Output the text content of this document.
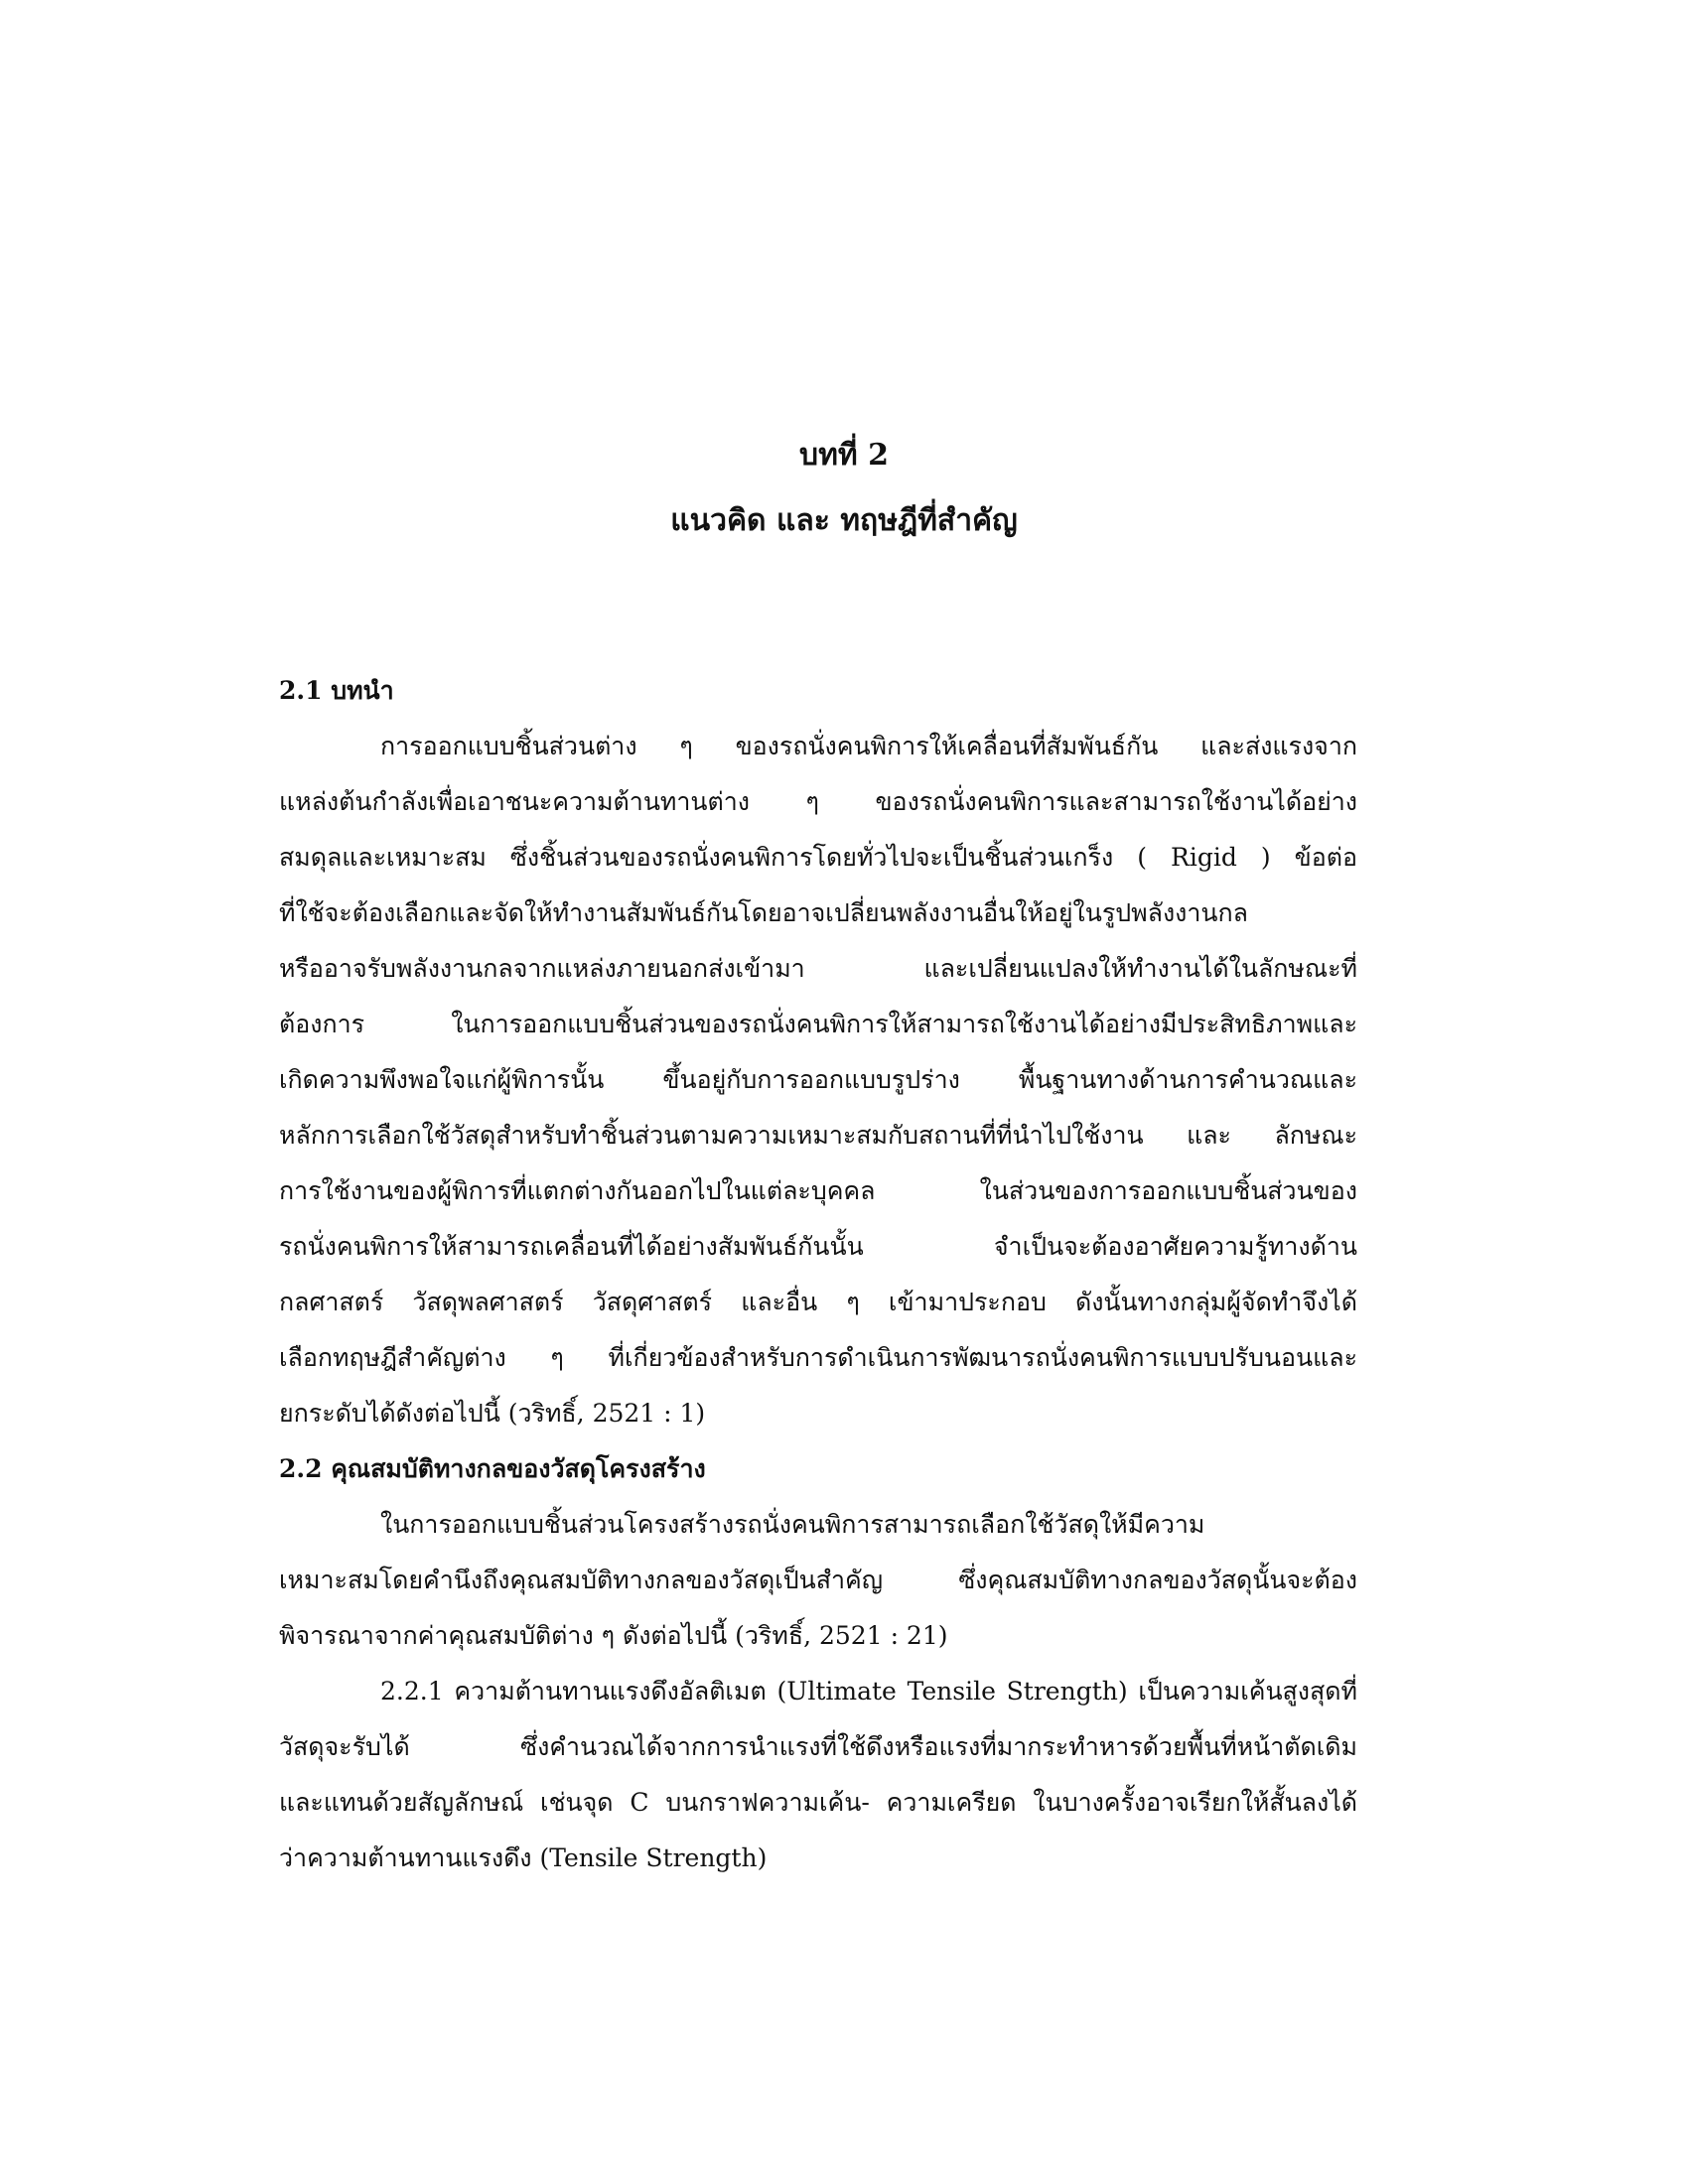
บทที่ 2
แนวคิด และ ทฤษฎีที่สำคัญ
2.1 บทนำ
การออกแบบชิ้นส่วนต่าง ๆ ของรถนั่งคนพิการให้เคลื่อนที่สัมพันธ์กัน และส่งแรงจาก
แหล่งต้นกำลังเพื่อเอาชนะความต้านทานต่าง ๆ ของรถนั่งคนพิการและสามารถใช้งานได้อย่าง
สมดุลและเหมาะสม ซึ่งชิ้นส่วนของรถนั่งคนพิการโดยทั่วไปจะเป็นชิ้นส่วนเกร็ง ( Rigid ) ข้อต่อ
ที่ใช้จะต้องเลือกและจัดให้ทำงานสัมพันธ์กันโดยอาจเปลี่ยนพลังงานอื่นให้อยู่ในรูปพลังงานกล
หรืออาจรับพลังงานกลจากแหล่งภายนอกส่งเข้ามา และเปลี่ยนแปลงให้ทำงานได้ในลักษณะที่
ต้องการ ในการออกแบบชิ้นส่วนของรถนั่งคนพิการให้สามารถใช้งานได้อย่างมีประสิทธิภาพและ
เกิดความพึงพอใจแก่ผู้พิการนั้น ขึ้นอยู่กับการออกแบบรูปร่าง พื้นฐานทางด้านการคำนวณและ
หลักการเลือกใช้วัสดุสำหรับทำชิ้นส่วนตามความเหมาะสมกับสถานที่ที่นำไปใช้งาน และ ลักษณะ
การใช้งานของผู้พิการที่แตกต่างกันออกไปในแต่ละบุคคล ในส่วนของการออกแบบชิ้นส่วนของ
รถนั่งคนพิการให้สามารถเคลื่อนที่ได้อย่างสัมพันธ์กันนั้น จำเป็นจะต้องอาศัยความรู้ทางด้าน
กลศาสตร์ วัสดุพลศาสตร์ วัสดุศาสตร์ และอื่น ๆ เข้ามาประกอบ ดังนั้นทางกลุ่มผู้จัดทำจึงได้
เลือกทฤษฎีสำคัญต่าง ๆ ที่เกี่ยวข้องสำหรับการดำเนินการพัฒนารถนั่งคนพิการแบบปรับนอนและ
ยกระดับได้ดังต่อไปนี้ (วริทธิ์, 2521 : 1)
2.2 คุณสมบัติทางกลของวัสดุโครงสร้าง
ในการออกแบบชิ้นส่วนโครงสร้างรถนั่งคนพิการสามารถเลือกใช้วัสดุให้มีความ
เหมาะสมโดยคำนึงถึงคุณสมบัติทางกลของวัสดุเป็นสำคัญ ซึ่งคุณสมบัติทางกลของวัสดุนั้นจะต้อง
พิจารณาจากค่าคุณสมบัติต่าง ๆ ดังต่อไปนี้ (วริทธิ์, 2521 : 21)
2.2.1 ความต้านทานแรงดึงอัลติเมต (Ultimate Tensile Strength) เป็นความเค้นสูงสุดที่
วัสดุจะรับได้ ซึ่งคำนวณได้จากการนำแรงที่ใช้ดึงหรือแรงที่มากระทำหารด้วยพื้นที่หน้าตัดเดิม
และแทนด้วยสัญลักษณ์ เช่นจุด C บนกราฟความเค้น- ความเครียด ในบางครั้งอาจเรียกให้สั้นลงได้
ว่าความต้านทานแรงดึง (Tensile Strength)
